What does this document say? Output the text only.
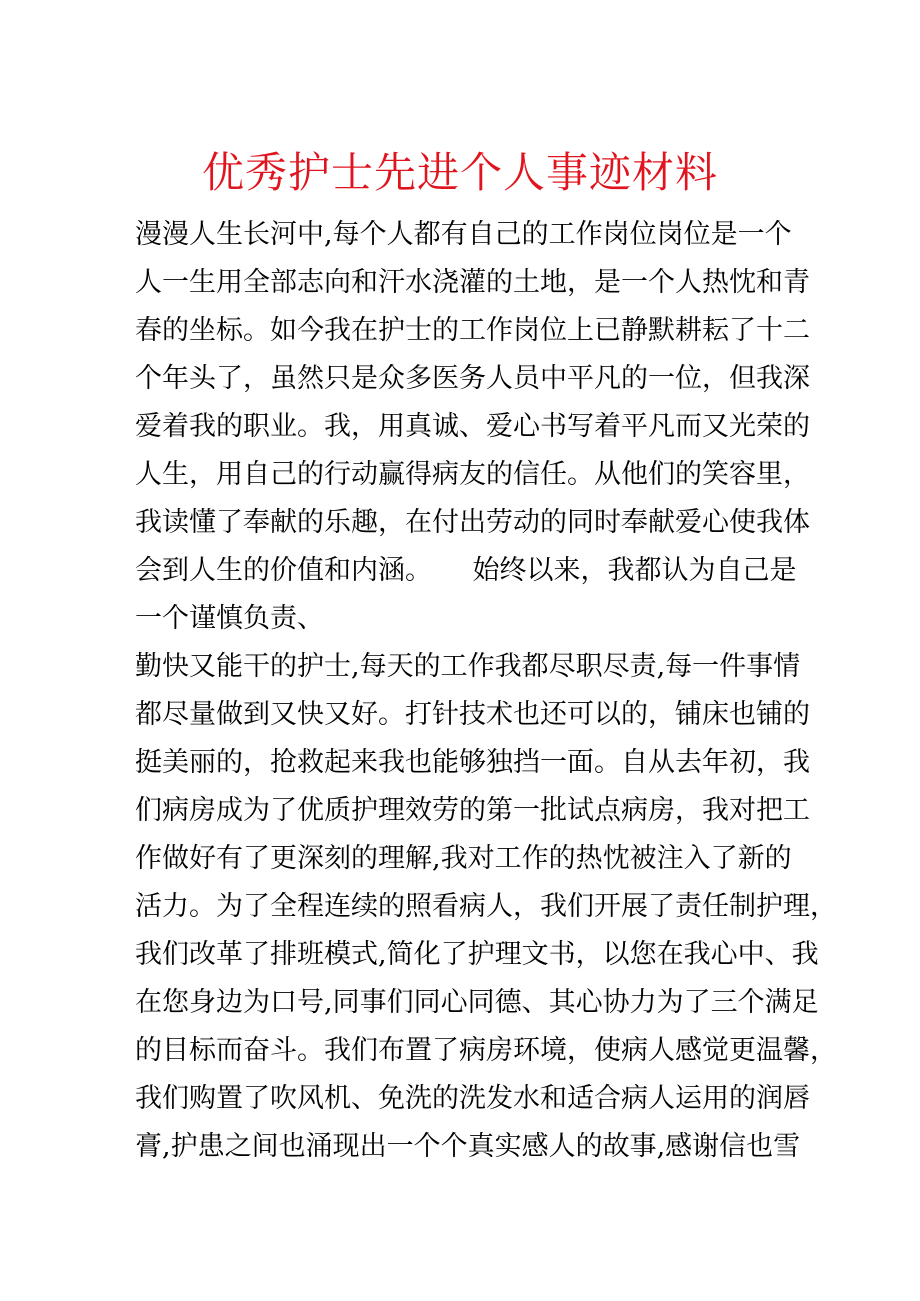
优秀护士先进个人事迹材料
漫漫人生长河中,每个人都有自己的工作岗位岗位是一个
人一生用全部志向和汗水浇灌的土地，是一个人热忱和青
春的坐标。如今我在护士的工作岗位上已静默耕耘了十二
个年头了，虽然只是众多医务人员中平凡的一位，但我深
爱着我的职业。我，用真诚、爱心书写着平凡而又光荣的
人生，用自己的行动赢得病友的信任。从他们的笑容里，
我读懂了奉献的乐趣，在付出劳动的同时奉献爱心使我体
会到人生的价值和内涵。　　始终以来，我都认为自己是
一个谨慎负责、
勤快又能干的护士,每天的工作我都尽职尽责,每一件事情
都尽量做到又快又好。打针技术也还可以的，铺床也铺的
挺美丽的，抢救起来我也能够独挡一面。自从去年初，我
们病房成为了优质护理效劳的第一批试点病房，我对把工
作做好有了更深刻的理解,我对工作的热忱被注入了新的
活力。为了全程连续的照看病人，我们开展了责任制护理，
我们改革了排班模式,简化了护理文书，以您在我心中、我
在您身边为口号,同事们同心同德、其心协力为了三个满足
的目标而奋斗。我们布置了病房环境，使病人感觉更温馨，
我们购置了吹风机、免洗的洗发水和适合病人运用的润唇
膏,护患之间也涌现出一个个真实感人的故事,感谢信也雪
